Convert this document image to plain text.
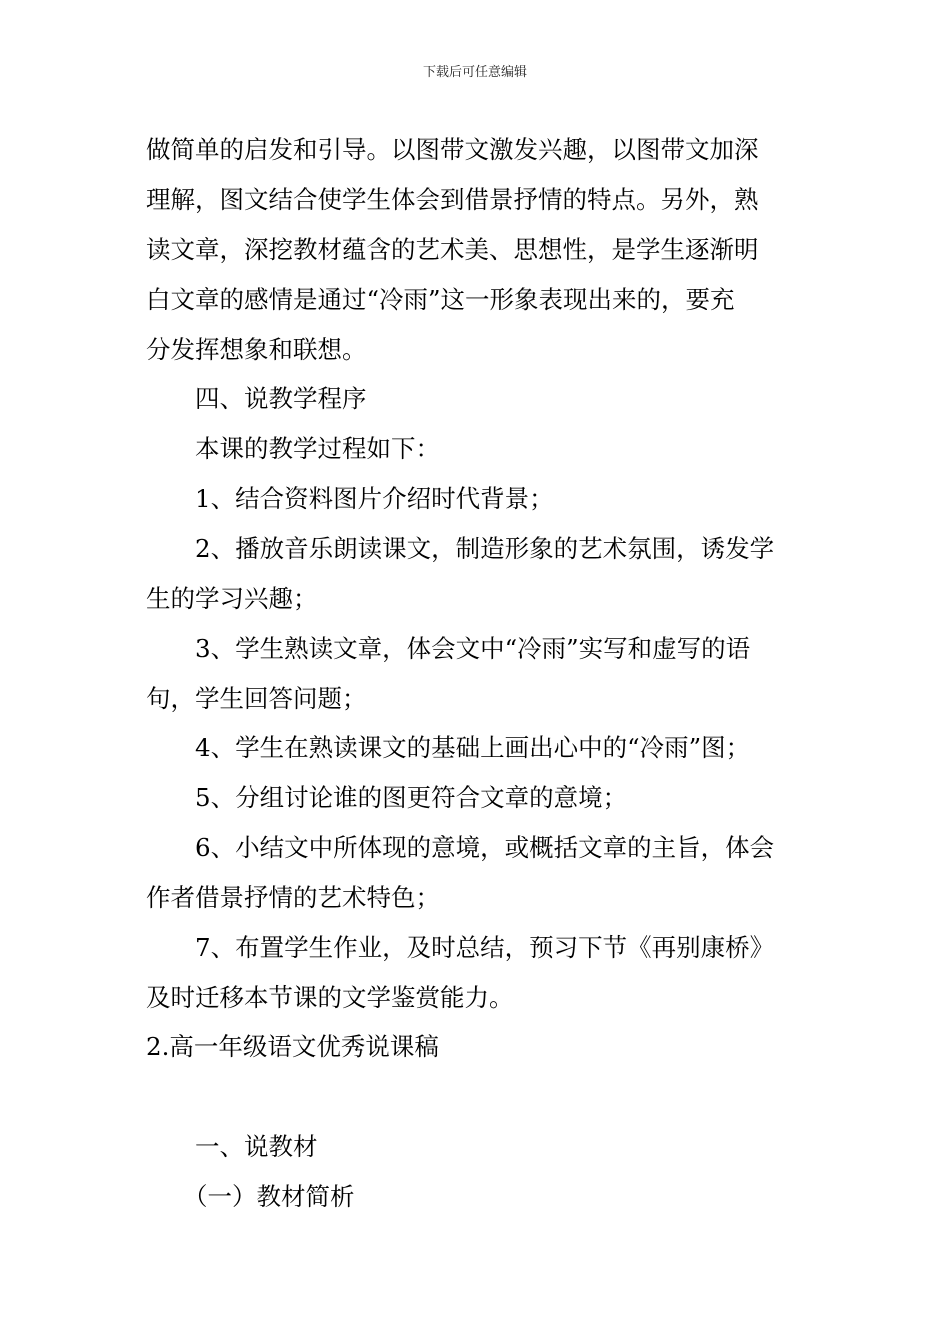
下载后可任意编辑
做简单的启发和引导。以图带文激发兴趣，以图带文加深
理解，图文结合使学生体会到借景抒情的特点。另外，熟
读文章，深挖教材蕴含的艺术美、思想性，是学生逐渐明
白文章的感情是通过“冷雨”这一形象表现出来的，要充
分发挥想象和联想。
四、说教学程序
本课的教学过程如下：
1、结合资料图片介绍时代背景；
2、播放音乐朗读课文，制造形象的艺术氛围，诱发学
生的学习兴趣；
3、学生熟读文章，体会文中“冷雨”实写和虚写的语
句，学生回答问题；
4、学生在熟读课文的基础上画出心中的“冷雨”图；
5、分组讨论谁的图更符合文章的意境；
6、小结文中所体现的意境，或概括文章的主旨，体会
作者借景抒情的艺术特色；
7、布置学生作业，及时总结，预习下节《再别康桥》
及时迁移本节课的文学鉴赏能力。
2.高一年级语文优秀说课稿
一、说教材
（一）教材简析
